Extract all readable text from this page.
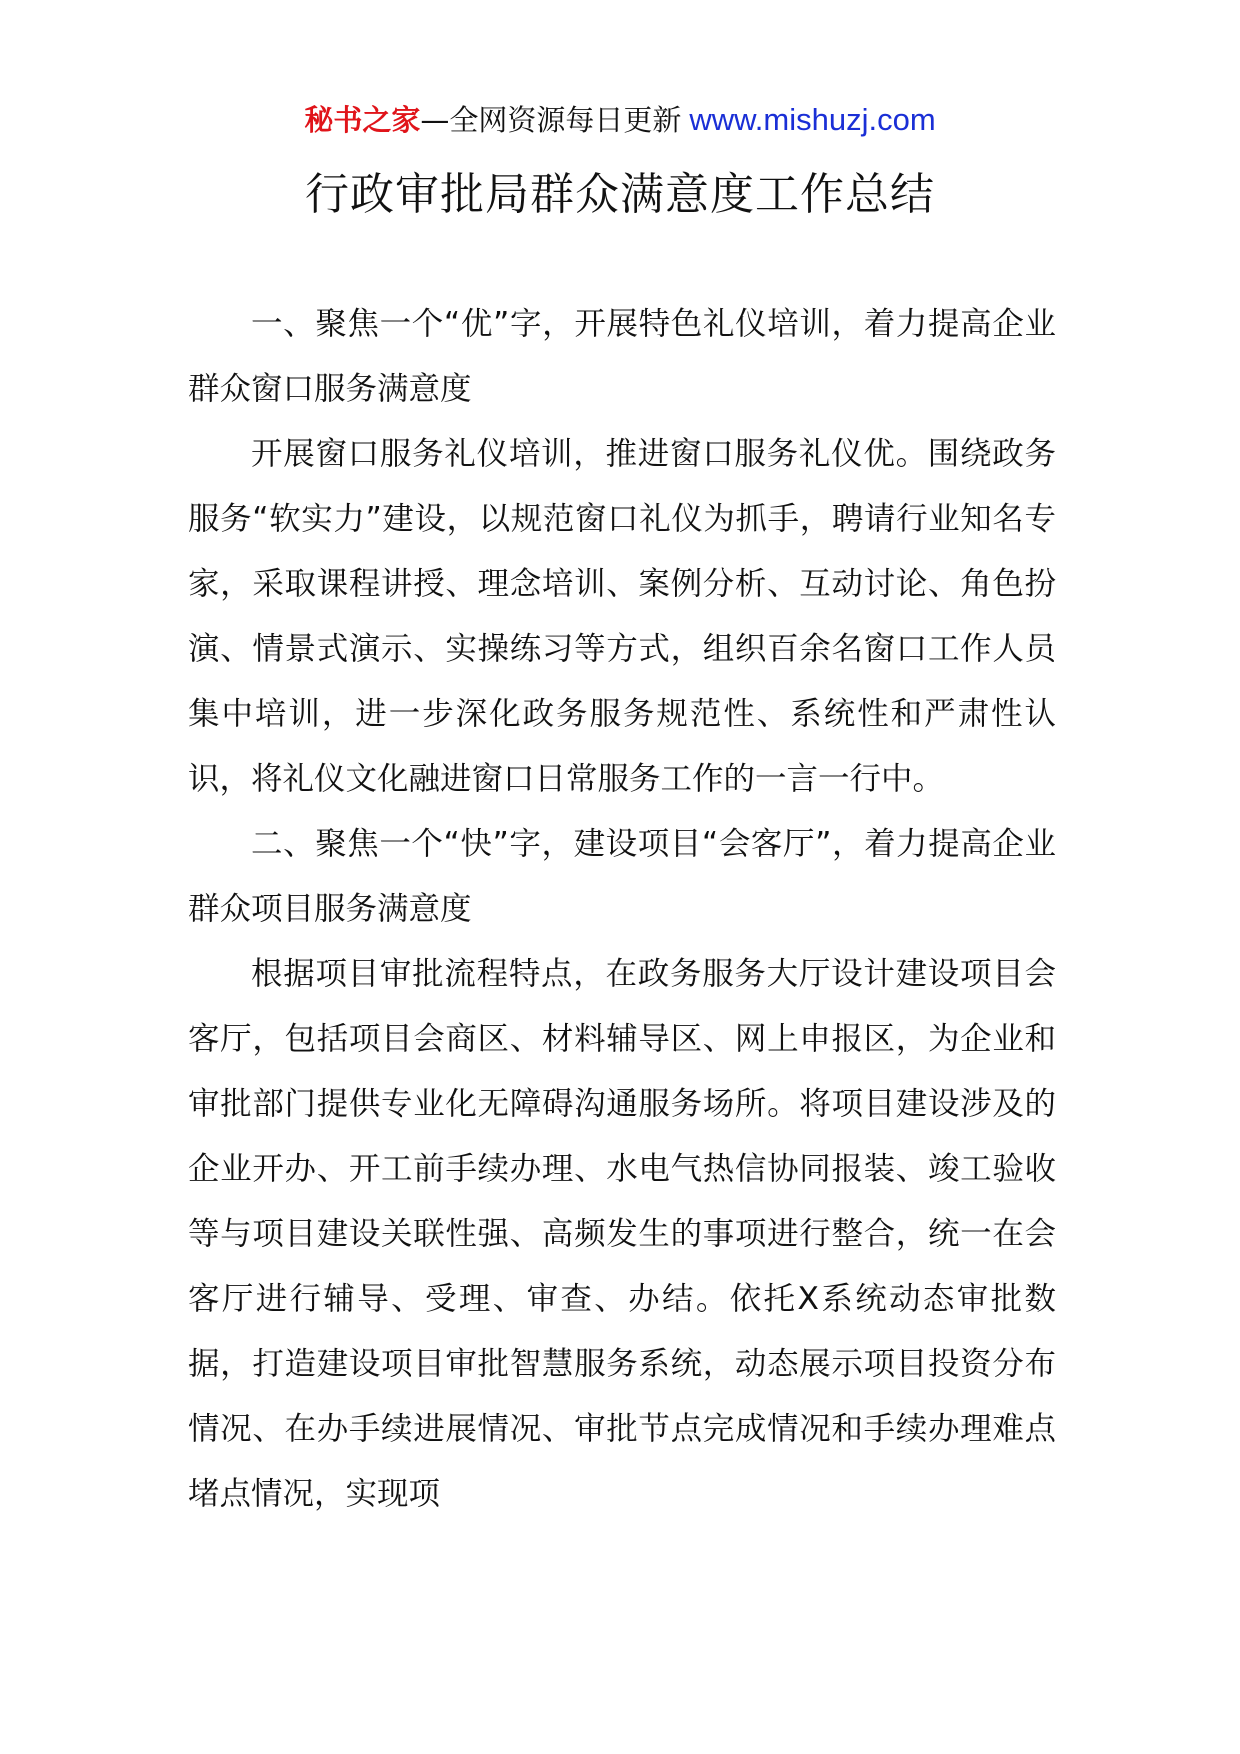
秘书之家—全网资源每日更新 www.mishuzj.com
行政审批局群众满意度工作总结

一、聚焦一个“优”字，开展特色礼仪培训，着力提高企业群众窗口服务满意度

开展窗口服务礼仪培训，推进窗口服务礼仪优。围绕政务服务“软实力”建设，以规范窗口礼仪为抓手，聘请行业知名专家，采取课程讲授、理念培训、案例分析、互动讨论、角色扮演、情景式演示、实操练习等方式，组织百余名窗口工作人员集中培训，进一步深化政务服务规范性、系统性和严肃性认识，将礼仪文化融进窗口日常服务工作的一言一行中。

二、聚焦一个“快”字，建设项目“会客厅”，着力提高企业群众项目服务满意度

根据项目审批流程特点，在政务服务大厅设计建设项目会客厅，包括项目会商区、材料辅导区、网上申报区，为企业和审批部门提供专业化无障碍沟通服务场所。将项目建设涉及的企业开办、开工前手续办理、水电气热信协同报装、竣工验收等与项目建设关联性强、高频发生的事项进行整合，统一在会客厅进行辅导、受理、审查、办结。依托X系统动态审批数据，打造建设项目审批智慧服务系统，动态展示项目投资分布情况、在办手续进展情况、审批节点完成情况和手续办理难点堵点情况，实现项
